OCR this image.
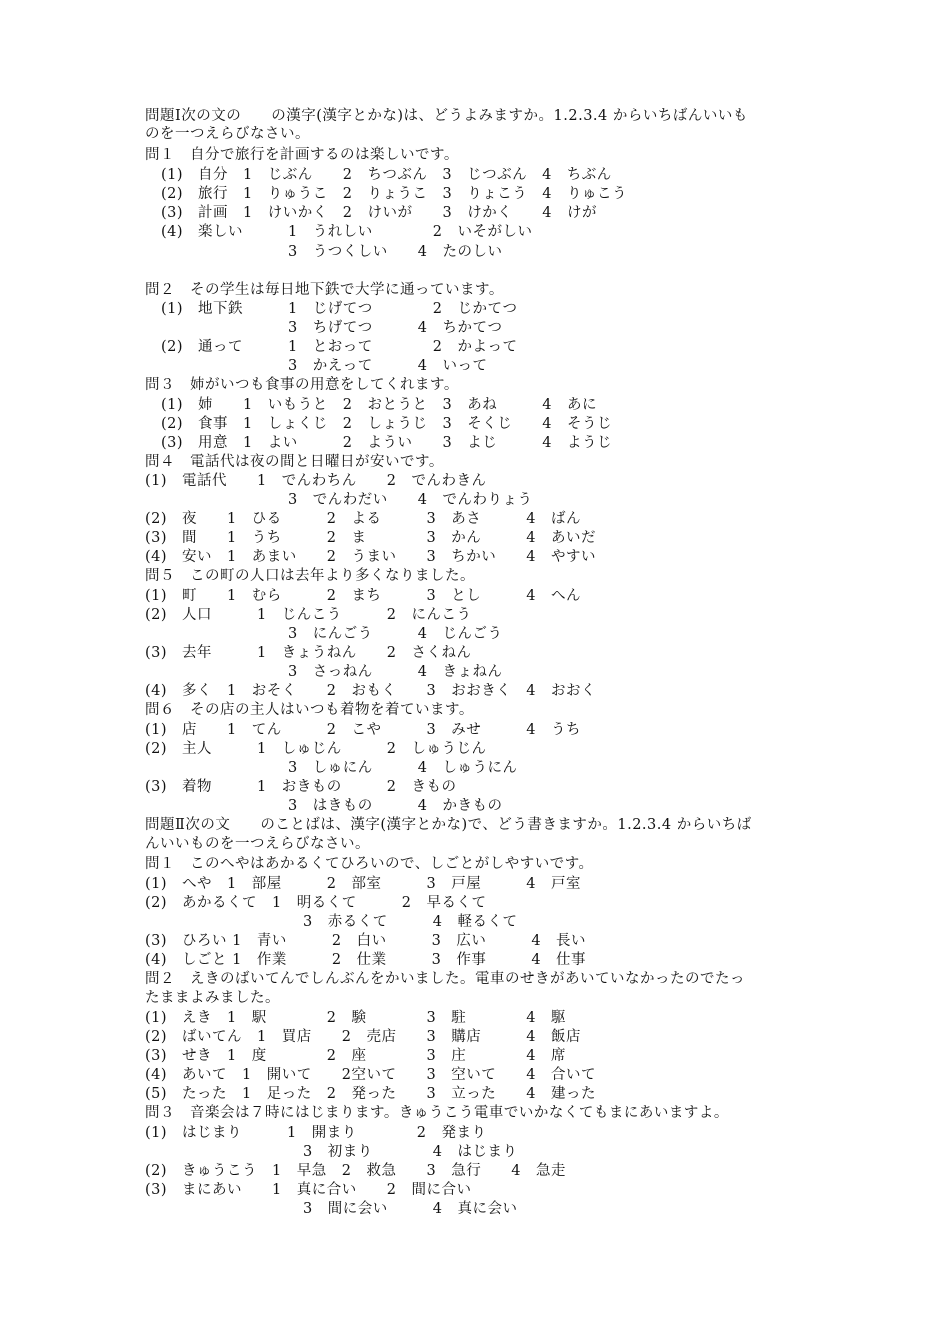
問題Ⅰ次の文の　　の漢字(漢字とかな)は、どうよみますか。1.2.3.4 からいちばんいいも
のを一つえらびなさい。
問１　自分で旅行を計画するのは楽しいです。
(1)　自分　1　じぶん　　2　ちつぶん　3　じつぶん　4　ちぶん
(2)　旅行　1　りゅうこ　2　りょうこ　3　りょこう　4　りゅこう
(3)　計画　1　けいかく　2　けいが　　3　けかく　　4　けが
(4)　楽しい　　　1　うれしい　　　　2　いそがしい
3　うつくしい　　4　たのしい
問２　その学生は毎日地下鉄で大学に通っています。
(1)　地下鉄　　　1　じげてつ　　　　2　じかてつ
3　ちげてつ　　　4　ちかてつ
(2)　通って　　　1　とおって　　　　2　かよって
3　かえって　　　4　いって
問３　姉がいつも食事の用意をしてくれます。
(1)　姉　　1　いもうと　2　おとうと　3　あね　　　4　あに
(2)　食事　1　しょくじ　2　しょうじ　3　そくじ　　4　そうじ
(3)　用意　1　よい　　　2　ようい　　3　よじ　　　4　ようじ
問４　電話代は夜の間と日曜日が安いです。
(1)　電話代　　1　でんわちん　　2　でんわきん
3　でんわだい　　4　でんわりょう
(2)　夜　　1　ひる　　　2　よる　　　3　あさ　　　4　ばん
(3)　間　　1　うち　　　2　ま　　　　3　かん　　　4　あいだ
(4)　安い　1　あまい　　2　うまい　　3　ちかい　　4　やすい
問５　この町の人口は去年より多くなりました。
(1)　町　　1　むら　　　2　まち　　　3　とし　　　4　へん
(2)　人口　　　1　じんこう　　　2　にんこう
3　にんごう　　　4　じんごう
(3)　去年　　　1　きょうねん　　2　さくねん
3　さっねん　　　4　きょねん
(4)　多く　1　おそく　　2　おもく　　3　おおきく　4　おおく
問６　その店の主人はいつも着物を着ています。
(1)　店　　1　てん　　　2　こや　　　3　みせ　　　4　うち
(2)　主人　　　1　しゅじん　　　2　しゅうじん
3　しゅにん　　　4　しゅうにん
(3)　着物　　　1　おきもの　　　2　きもの
3　はきもの　　　4　かきもの
問題Ⅱ次の文　　のことばは、漢字(漢字とかな)で、どう書きますか。1.2.3.4 からいちば
んいいものを一つえらびなさい。
問１　このへやはあかるくてひろいので、しごとがしやすいです。
(1)　へや　1　部屋　　　2　部室　　　3　戸屋　　　4　戸室
(2)　あかるくて　1　明るくて　　　2　早るくて
3　赤るくて　　　4　軽るくて
(3)　ひろい 1　青い　　　2　白い　　　3　広い　　　4　長い
(4)　しごと 1　作業　　　2　仕業　　　3　作事　　　4　仕事
問２　えきのばいてんでしんぶんをかいました。電車のせきがあいていなかったのでたっ
たままよみました。
(1)　えき　1　駅　　　　2　験　　　　3　駐　　　　4　駆
(2)　ばいてん　1　買店　　2　売店　　3　購店　　　4　飯店
(3)　せき　1　度　　　　2　座　　　　3　庄　　　　4　席
(4)　あいて　1　開いて　　2空いて　　3　空いて　　4　合いて
(5)　たった　1　足った　2　発った　　3　立った　　4　建った
問３　音楽会は７時にはじまります。きゅうこう電車でいかなくてもまにあいますよ。
(1)　はじまり　　　1　開まり　　　　2　発まり
3　初まり　　　　4　はじまり
(2)　きゅうこう　1　早急　2　救急　　3　急行　　4　急走
(3)　まにあい　　1　真に合い　　2　間に合い
3　間に会い　　　4　真に会い
